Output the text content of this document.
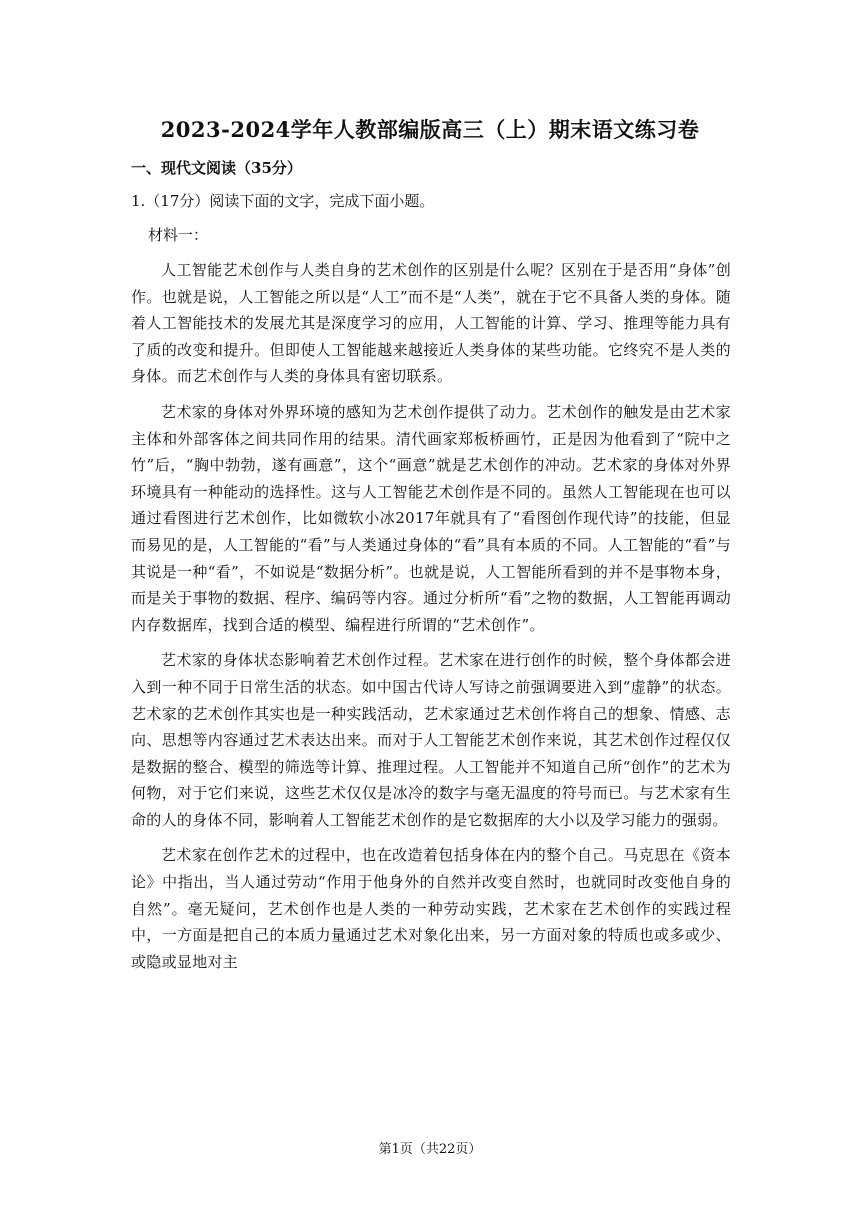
2023-2024学年人教部编版高三（上）期末语文练习卷
一、现代文阅读（35分）

1.（17分）阅读下面的文字，完成下面小题。

材料一：

人工智能艺术创作与人类自身的艺术创作的区别是什么呢？区别在于是否用“身体”创作。也就是说，人工智能之所以是“人工”而不是“人类”，就在于它不具备人类的身体。随着人工智能技术的发展尤其是深度学习的应用，人工智能的计算、学习、推理等能力具有了质的改变和提升。但即使人工智能越来越接近人类身体的某些功能。它终究不是人类的身体。而艺术创作与人类的身体具有密切联系。

艺术家的身体对外界环境的感知为艺术创作提供了动力。艺术创作的触发是由艺术家主体和外部客体之间共同作用的结果。清代画家郑板桥画竹，正是因为他看到了“院中之竹”后，“胸中勃勃，遂有画意”，这个“画意”就是艺术创作的冲动。艺术家的身体对外界环境具有一种能动的选择性。这与人工智能艺术创作是不同的。虽然人工智能现在也可以通过看图进行艺术创作，比如微软小冰2017年就具有了“看图创作现代诗”的技能，但显而易见的是，人工智能的“看”与人类通过身体的“看”具有本质的不同。人工智能的“看”与其说是一种“看”，不如说是“数据分析”。也就是说，人工智能所看到的并不是事物本身，而是关于事物的数据、程序、编码等内容。通过分析所“看”之物的数据，人工智能再调动内存数据库，找到合适的模型、编程进行所谓的“艺术创作”。

艺术家的身体状态影响着艺术创作过程。艺术家在进行创作的时候，整个身体都会进入到一种不同于日常生活的状态。如中国古代诗人写诗之前强调要进入到“虚静”的状态。艺术家的艺术创作其实也是一种实践活动，艺术家通过艺术创作将自己的想象、情感、志向、思想等内容通过艺术表达出来。而对于人工智能艺术创作来说，其艺术创作过程仅仅是数据的整合、模型的筛选等计算、推理过程。人工智能并不知道自己所“创作”的艺术为何物，对于它们来说，这些艺术仅仅是冰冷的数字与毫无温度的符号而已。与艺术家有生命的人的身体不同，影响着人工智能艺术创作的是它数据库的大小以及学习能力的强弱。

艺术家在创作艺术的过程中，也在改造着包括身体在内的整个自己。马克思在《资本论》中指出，当人通过劳动“作用于他身外的自然并改变自然时，也就同时改变他自身的自然”。毫无疑问，艺术创作也是人类的一种劳动实践，艺术家在艺术创作的实践过程中，一方面是把自己的本质力量通过艺术对象化出来，另一方面对象的特质也或多或少、或隐或显地对主

第1页（共22页）
